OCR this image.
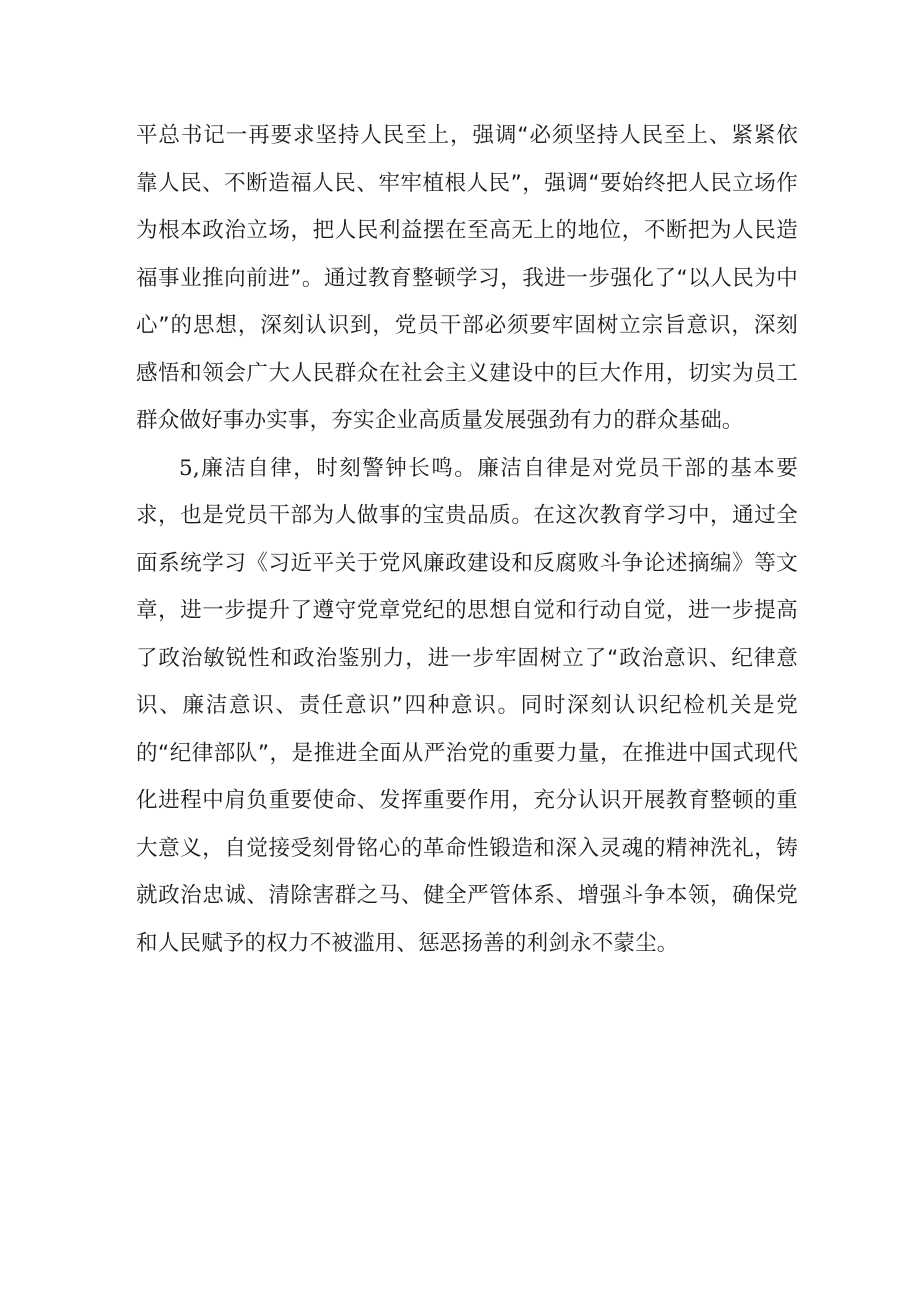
平总书记一再要求坚持人民至上，强调“必须坚持人民至上、紧紧依靠人民、不断造福人民、牢牢植根人民”，强调“要始终把人民立场作为根本政治立场，把人民利益摆在至高无上的地位，不断把为人民造福事业推向前进”。通过教育整顿学习，我进一步强化了“以人民为中心”的思想，深刻认识到，党员干部必须要牢固树立宗旨意识，深刻感悟和领会广大人民群众在社会主义建设中的巨大作用，切实为员工群众做好事办实事，夯实企业高质量发展强劲有力的群众基础。

5,廉洁自律，时刻警钟长鸣。廉洁自律是对党员干部的基本要求，也是党员干部为人做事的宝贵品质。在这次教育学习中，通过全面系统学习《习近平关于党风廉政建设和反腐败斗争论述摘编》等文章，进一步提升了遵守党章党纪的思想自觉和行动自觉，进一步提高了政治敏锐性和政治鉴别力，进一步牢固树立了“政治意识、纪律意识、廉洁意识、责任意识”四种意识。同时深刻认识纪检机关是党的“纪律部队”，是推进全面从严治党的重要力量，在推进中国式现代化进程中肩负重要使命、发挥重要作用，充分认识开展教育整顿的重大意义，自觉接受刻骨铭心的革命性锻造和深入灵魂的精神洗礼，铸就政治忠诚、清除害群之马、健全严管体系、增强斗争本领，确保党和人民赋予的权力不被滥用、惩恶扬善的利剑永不蒙尘。
